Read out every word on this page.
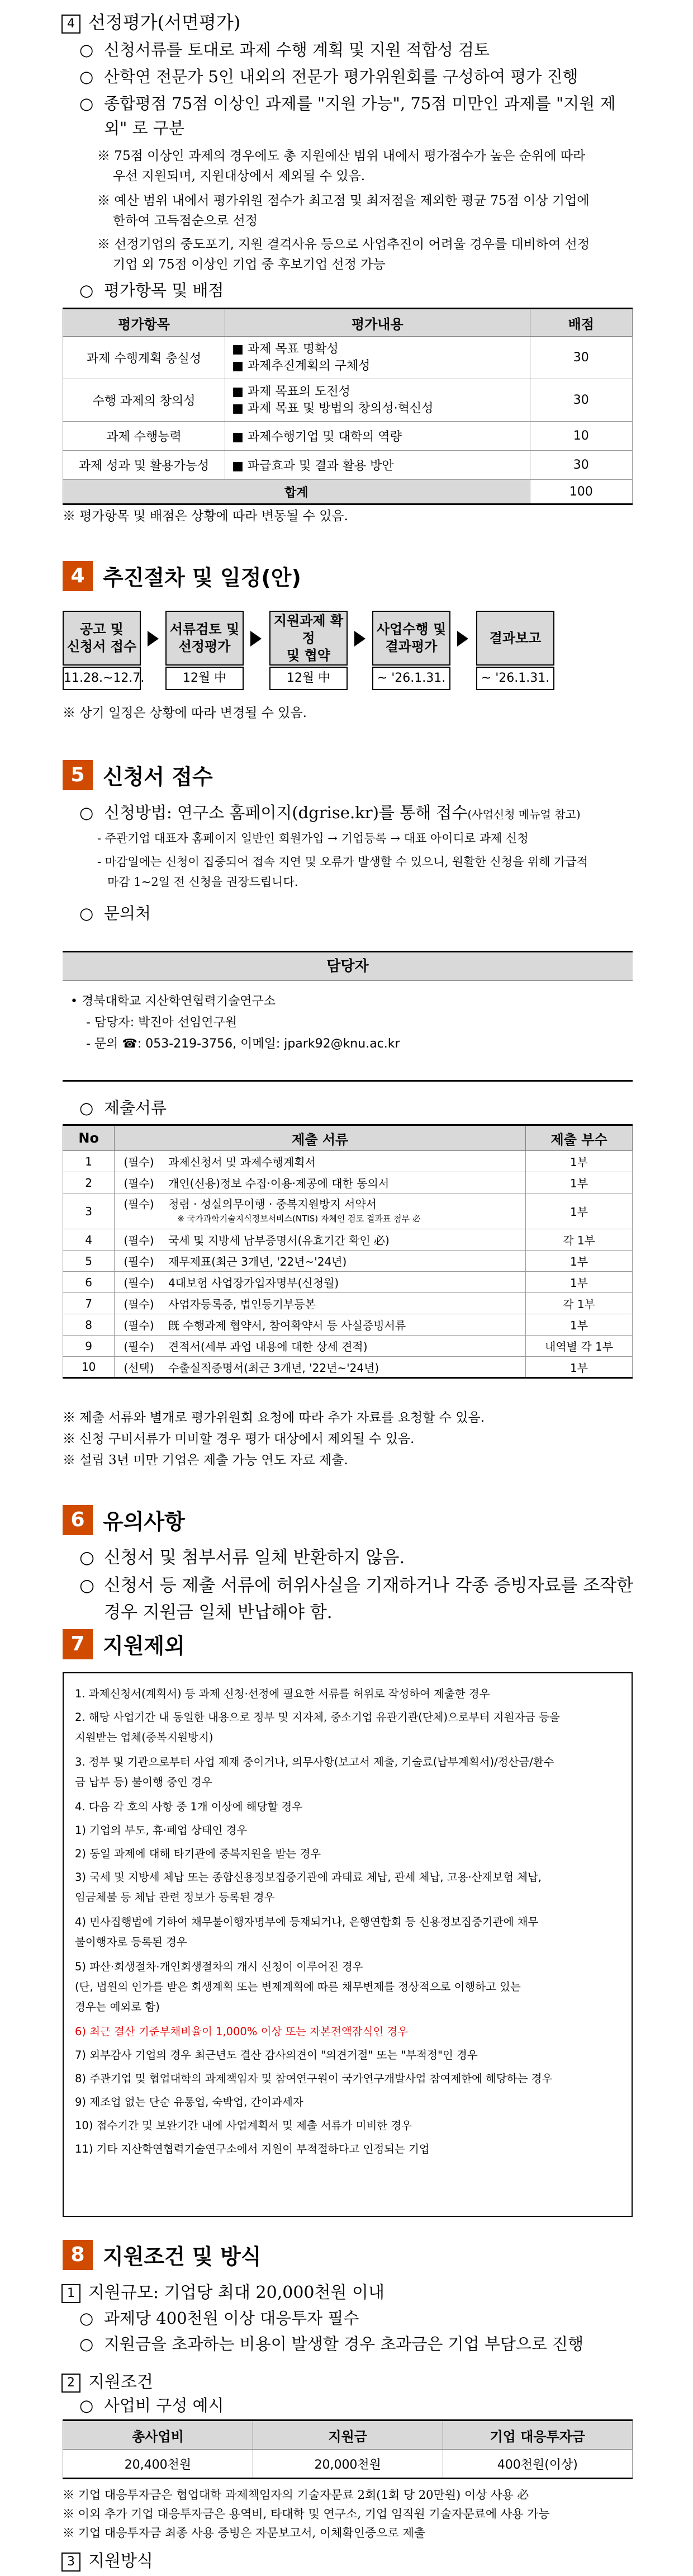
4 선정평가(서면평가)
○ 신청서류를 토대로 과제 수행 계획 및 지원 적합성 검토
○ 산학연 전문가 5인 내외의 전문가 평가위원회를 구성하여 평가 진행
○ 종합평점 75점 이상인 과제를 "지원 가능", 75점 미만인 과제를 "지원 제
외" 로 구분
※ 75점 이상인 과제의 경우에도 총 지원예산 범위 내에서 평가점수가 높은 순위에 따라
우선 지원되며, 지원대상에서 제외될 수 있음.
※ 예산 범위 내에서 평가위원 점수가 최고점 및 최저점을 제외한 평균 75점 이상 기업에
한하여 고득점순으로 선정
※ 선정기업의 중도포기, 지원 결격사유 등으로 사업추진이 어려울 경우를 대비하여 선정
기업 외 75점 이상인 기업 중 후보기업 선정 가능
○ 평가항목 및 배점
평가항목	평가내용	배점
과제 수행계획 충실성	■ 과제 목표 명확성
■ 과제추진계획의 구체성	30
수행 과제의 창의성	■ 과제 목표의 도전성
■ 과제 목표 및 방법의 창의성·혁신성	30
과제 수행능력	■ 과제수행기업 및 대학의 역량	10
과제 성과 및 활용가능성	■ 파급효과 및 결과 활용 방안	30
합계		100
※ 평가항목 및 배점은 상황에 따라 변동될 수 있음.
4 추진절차 및 일정(안)
공고 및
신청서 접수
11.28.~12.7.
서류검토 및
선정평가
12월 中
지원과제 확정
및 협약
12월 中
사업수행 및
결과평가
~ '26.1.31.
결과보고
~ '26.1.31.
※ 상기 일정은 상황에 따라 변경될 수 있음.
5 신청서 접수
○ 신청방법: 연구소 홈페이지(dgrise.kr)를 통해 접수(사업신청 메뉴얼 참고)
- 주관기업 대표자 홈페이지 일반인 회원가입 → 기업등록 → 대표 아이디로 과제 신청
- 마감일에는 신청이 집중되어 접속 지연 및 오류가 발생할 수 있으니, 원활한 신청을 위해 가급적
마감 1~2일 전 신청을 권장드립니다.
○ 문의처
담당자
• 경북대학교 지산학연협력기술연구소
- 담당자: 박진아 선임연구원
- 문의 ☎: 053-219-3756, 이메일: jpark92@knu.ac.kr
○ 제출서류
No	제출 서류	제출 부수
1	(필수) 과제신청서 및 과제수행계획서	1부
2	(필수) 개인(신용)정보 수집·이용·제공에 대한 동의서	1부
3	(필수) 청렴 · 성실의무이행 · 중복지원방지 서약서
※ 국가과학기술지식정보서비스(NTIS) 자체인 검토 결과표 첨부 必	1부
4	(필수) 국세 및 지방세 납부증명서(유효기간 확인 必)	각 1부
5	(필수) 재무제표(최근 3개년, '22년~'24년)	1부
6	(필수) 4대보험 사업장가입자명부(신청월)	1부
7	(필수) 사업자등록증, 법인등기부등본	각 1부
8	(필수) 旣 수행과제 협약서, 참여확약서 등 사실증빙서류	1부
9	(필수) 견적서(세부 과업 내용에 대한 상세 견적)	내역별 각 1부
10	(선택) 수출실적증명서(최근 3개년, '22년~'24년)	1부
※ 제출 서류와 별개로 평가위원회 요청에 따라 추가 자료를 요청할 수 있음.
※ 신청 구비서류가 미비할 경우 평가 대상에서 제외될 수 있음.
※ 설립 3년 미만 기업은 제출 가능 연도 자료 제출.
6 유의사항
○ 신청서 및 첨부서류 일체 반환하지 않음.
○ 신청서 등 제출 서류에 허위사실을 기재하거나 각종 증빙자료를 조작한
경우 지원금 일체 반납해야 함.
7 지원제외
1. 과제신청서(계획서) 등 과제 신청·선정에 필요한 서류를 허위로 작성하여 제출한 경우
2. 해당 사업기간 내 동일한 내용으로 정부 및 지자체, 중소기업 유관기관(단체)으로부터 지원자금 등을
지원받는 업체(중복지원방지)
3. 정부 및 기관으로부터 사업 제재 중이거나, 의무사항(보고서 제출, 기술료(납부계획서)/정산금/환수
금 납부 등) 불이행 중인 경우
4. 다음 각 호의 사항 중 1개 이상에 해당할 경우
1) 기업의 부도, 휴·폐업 상태인 경우
2) 동일 과제에 대해 타기관에 중복지원을 받는 경우
3) 국세 및 지방세 체납 또는 종합신용정보집중기관에 과태료 체납, 관세 체납, 고용·산재보험 체납,
임금체불 등 체납 관련 정보가 등록된 경우
4) 민사집행법에 기하여 채무불이행자명부에 등재되거나, 은행연합회 등 신용정보집중기관에 채무
불이행자로 등록된 경우
5) 파산·회생절차·개인회생절차의 개시 신청이 이루어진 경우
(단, 법원의 인가를 받은 회생계획 또는 변제계획에 따른 채무변제를 정상적으로 이행하고 있는
경우는 예외로 함)
6) 최근 결산 기준부채비율이 1,000% 이상 또는 자본전액잠식인 경우
7) 외부감사 기업의 경우 최근년도 결산 감사의견이 "의견거절" 또는 "부적정"인 경우
8) 주관기업 및 협업대학의 과제책임자 및 참여연구원이 국가연구개발사업 참여제한에 해당하는 경우
9) 제조업 없는 단순 유통업, 숙박업, 간이과세자
10) 접수기간 및 보완기간 내에 사업계획서 및 제출 서류가 미비한 경우
11) 기타 지산학연협력기술연구소에서 지원이 부적절하다고 인정되는 기업
8 지원조건 및 방식
1 지원규모: 기업당 최대 20,000천원 이내
○ 과제당 400천원 이상 대응투자 필수
○ 지원금을 초과하는 비용이 발생할 경우 초과금은 기업 부담으로 진행
2 지원조건
○ 사업비 구성 예시
총사업비	지원금	기업 대응투자금
20,400천원	20,000천원	400천원(이상)
※ 기업 대응투자금은 협업대학 과제책임자의 기술자문료 2회(1회 당 20만원) 이상 사용 必
※ 이외 추가 기업 대응투자금은 용역비, 타대학 및 연구소, 기업 임직원 기술자문료에 사용 가능
※ 기업 대응투자금 최종 사용 증빙은 자문보고서, 이체확인증으로 제출
3 지원방식
